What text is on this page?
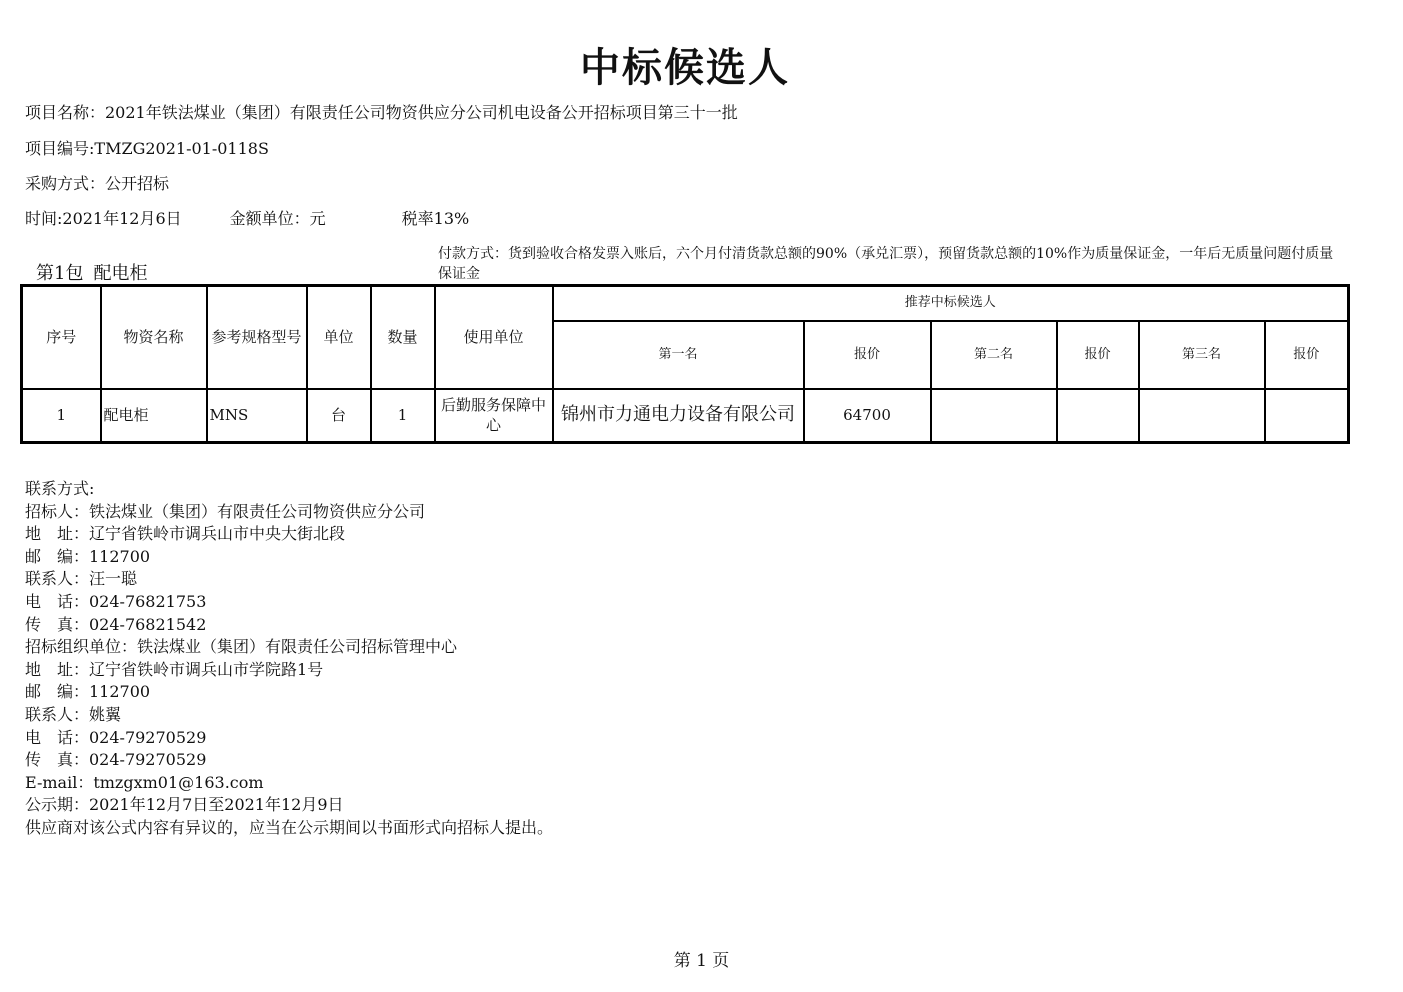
中标候选人
项目名称：2021年铁法煤业（集团）有限责任公司物资供应分公司机电设备公开招标项目第三十一批
项目编号:TMZG2021-01-0118S
采购方式：公开招标
时间:2021年12月6日	金额单位：元	税率13%
第1包 配电柜
付款方式：货到验收合格发票入账后，六个月付清货款总额的90%（承兑汇票），预留货款总额的10%作为质量保证金，一年后无质量问题付质量保证金
序号	物资名称	参考规格型号	单位	数量	使用单位	推荐中标候选人					
						第一名	报价	第二名	报价	第三名	报价
1	配电柜	MNS	台	1	后勤服务保障中心	锦州市力通电力设备有限公司	64700				
联系方式:
招标人：铁法煤业（集团）有限责任公司物资供应分公司
地　址：辽宁省铁岭市调兵山市中央大街北段
邮　编：112700
联系人：汪一聪
电　话：024-76821753
传　真：024-76821542
招标组织单位：铁法煤业（集团）有限责任公司招标管理中心
地　址：辽宁省铁岭市调兵山市学院路1号
邮　编：112700
联系人：姚翼
电　话：024-79270529
传　真：024-79270529
E-mail：tmzgxm01@163.com
公示期：2021年12月7日至2021年12月9日
供应商对该公式内容有异议的，应当在公示期间以书面形式向招标人提出。
第 1 页
